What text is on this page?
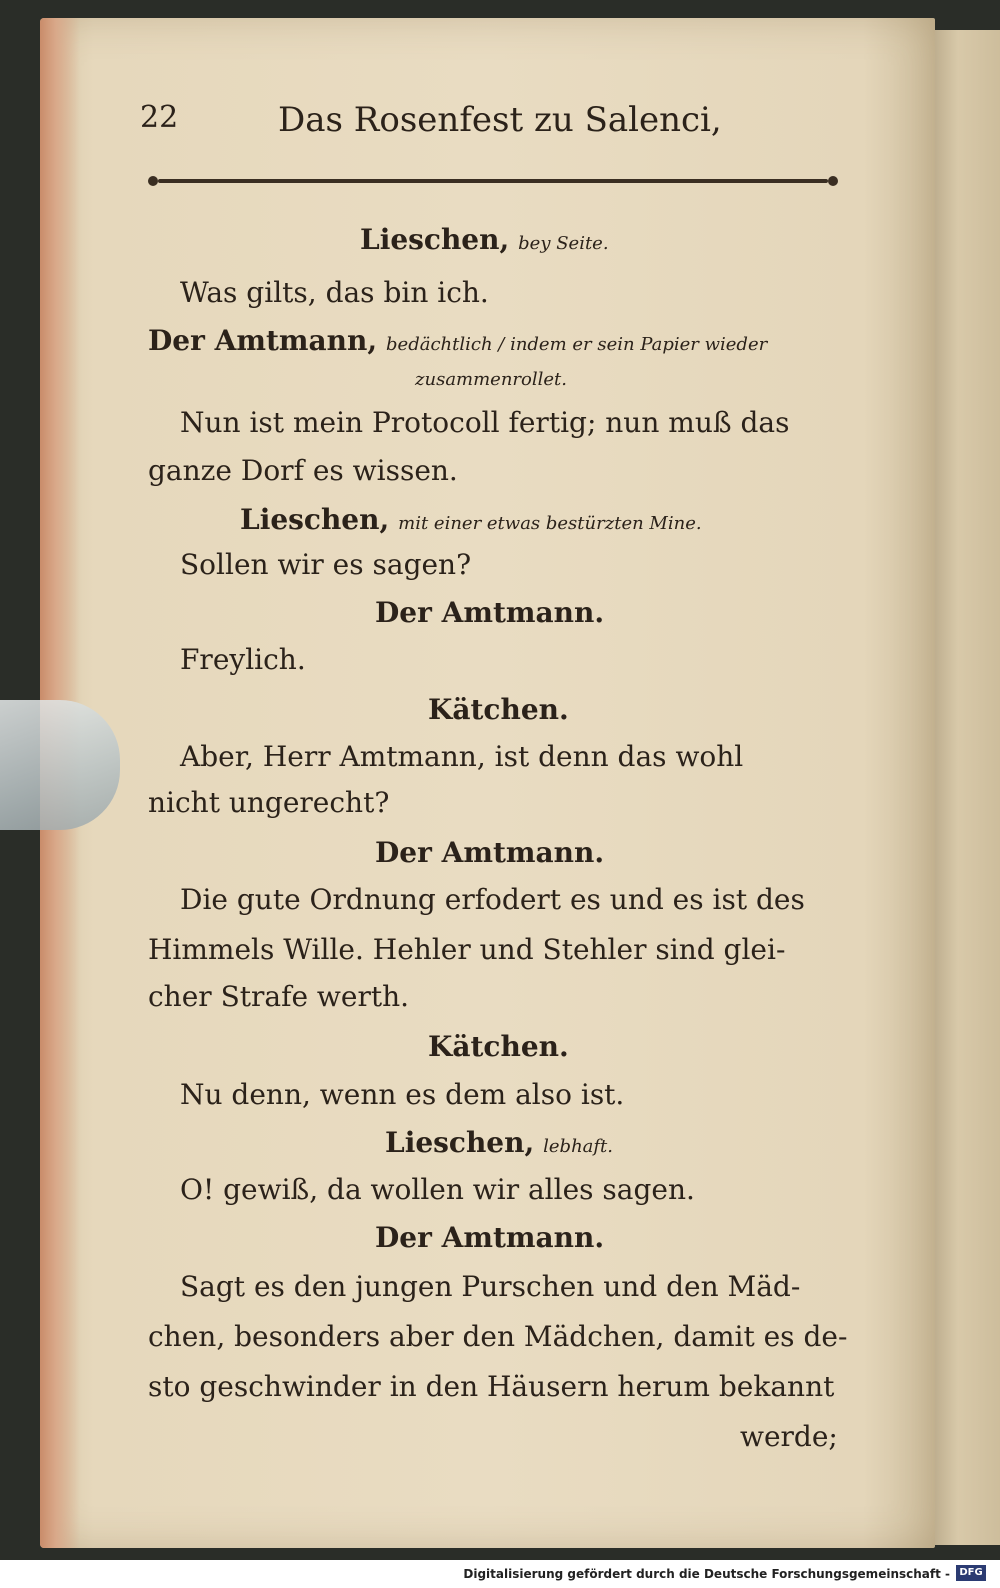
22	Das Rosenfest zu Salenci,
Lieschen, bey Seite.
Was gilts, das bin ich.
Der Amtmann, bedächtlich / indem er sein Papier wieder
zusammenrollet.
Nun ist mein Protocoll fertig; nun muß das
ganze Dorf es wissen.
Lieschen, mit einer etwas bestürzten Mine.
Sollen wir es sagen?
Der Amtmann.
Freylich.
Kätchen.
Aber, Herr Amtmann, ist denn das wohl
nicht ungerecht?
Der Amtmann.
Die gute Ordnung erfodert es und es ist des
Himmels Wille. Hehler und Stehler sind glei-
cher Strafe werth.
Kätchen.
Nu denn, wenn es dem also ist.
Lieschen, lebhaft.
O! gewiß, da wollen wir alles sagen.
Der Amtmann.
Sagt es den jungen Purschen und den Mäd-
chen, besonders aber den Mädchen, damit es de-
sto geschwinder in den Häusern herum bekannt
werde;
Digitalisierung gefördert durch die Deutsche Forschungsgemeinschaft - DFG
